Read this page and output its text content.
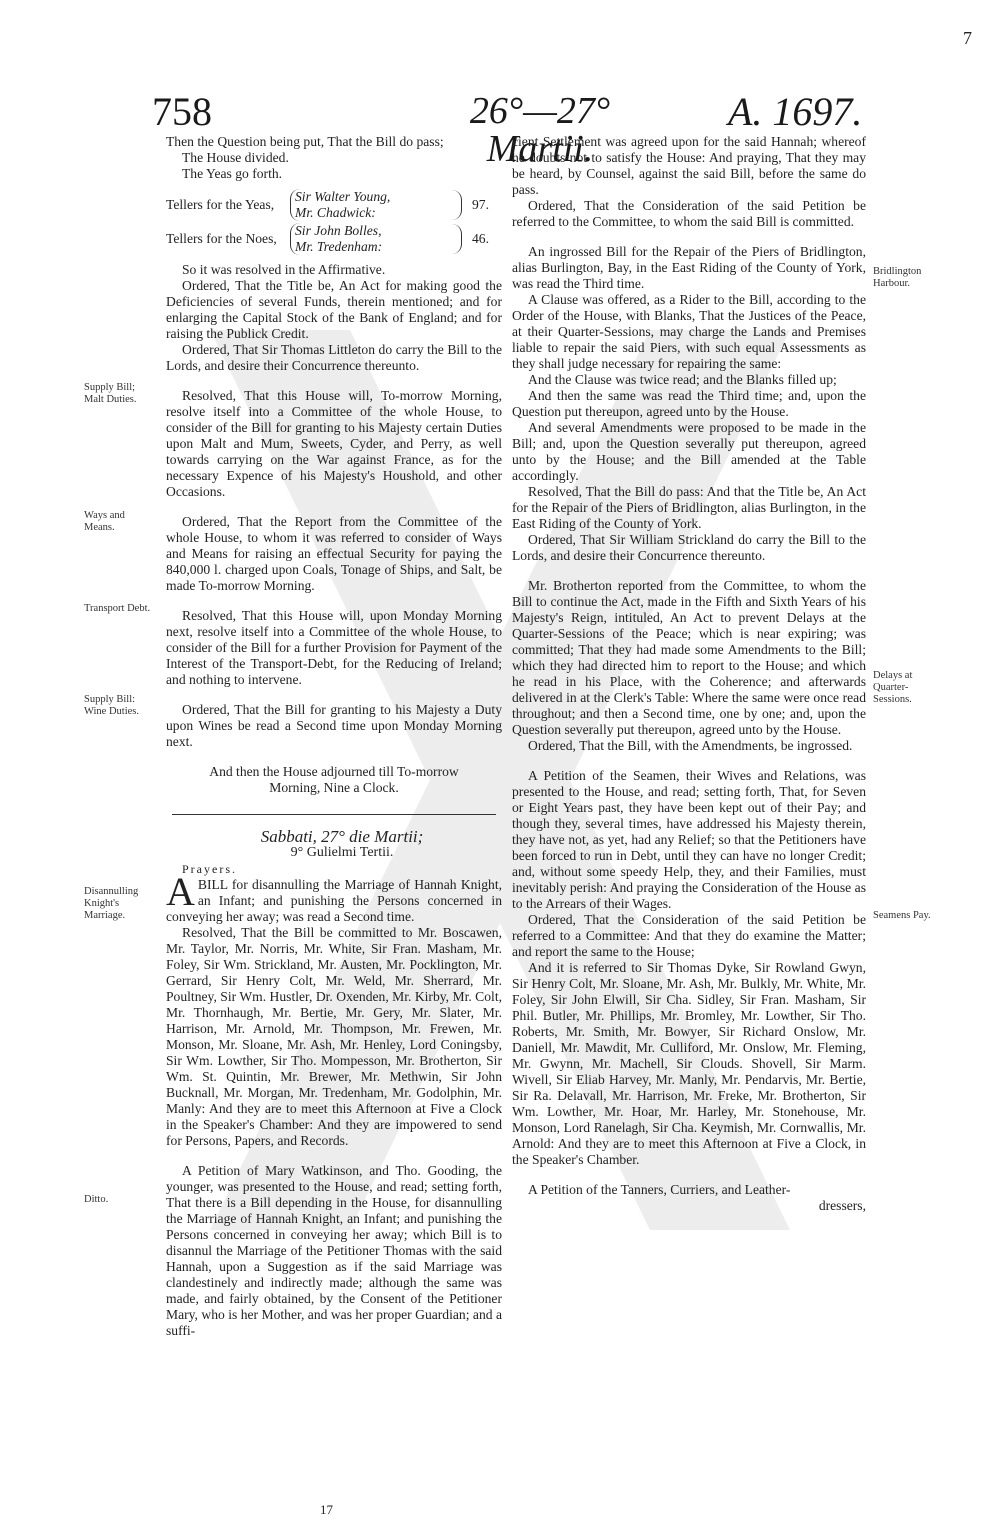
7
758	26°—27° Martii.
A. 1697.

Then the Question being put, That the Bill do pass;

The House divided.

The Yeas go forth.

Tellers for the Yeas,
Sir Walter Young,
Mr. Chadwick:
97.
Tellers for the Noes,
Sir John Bolles,
Mr. Tredenham:
46.

So it was resolved in the Affirmative.

Ordered, That the Title be, An Act for making good the Deficiencies of several Funds, therein mentioned; and for enlarging the Capital Stock of the Bank of England; and for raising the Publick Credit.

Ordered, That Sir Thomas Littleton do carry the Bill to the Lords, and desire their Concurrence thereunto.

Resolved, That this House will, To-morrow Morning, resolve itself into a Committee of the whole House, to consider of the Bill for granting to his Majesty certain Duties upon Malt and Mum, Sweets, Cyder, and Perry, as well towards carrying on the War against France, as for the necessary Expence of his Majesty's Houshold, and other Occasions.

Ordered, That the Report from the Committee of the whole House, to whom it was referred to consider of Ways and Means for raising an effectual Security for paying the 840,000 l. charged upon Coals, Tonage of Ships, and Salt, be made To-morrow Morning.

Resolved, That this House will, upon Monday Morning next, resolve itself into a Committee of the whole House, to consider of the Bill for a further Provision for Payment of the Interest of the Transport-Debt, for the Reducing of Ireland; and nothing to intervene.

Ordered, That the Bill for granting to his Majesty a Duty upon Wines be read a Second time upon Monday Morning next.

And then the House adjourned till To-morrow Morning, Nine a Clock.

Sabbati, 27° die Martii;

9° Gulielmi Tertii.

Prayers.

ABILL for disannulling the Marriage of Hannah Knight, an Infant; and punishing the Persons concerned in conveying her away; was read a Second time.

Resolved, That the Bill be committed to Mr. Boscawen, Mr. Taylor, Mr. Norris, Mr. White, Sir Fran. Masham, Mr. Foley, Sir Wm. Strickland, Mr. Austen, Mr. Pocklington, Mr. Gerrard, Sir Henry Colt, Mr. Weld, Mr. Sherrard, Mr. Poultney, Sir Wm. Hustler, Dr. Oxenden, Mr. Kirby, Mr. Colt, Mr. Thornhaugh, Mr. Bertie, Mr. Gery, Mr. Slater, Mr. Harrison, Mr. Arnold, Mr. Thompson, Mr. Frewen, Mr. Monson, Mr. Sloane, Mr. Ash, Mr. Henley, Lord Coningsby, Sir Wm. Lowther, Sir Tho. Mompesson, Mr. Brotherton, Sir Wm. St. Quintin, Mr. Brewer, Mr. Methwin, Sir John Bucknall, Mr. Morgan, Mr. Tredenham, Mr. Godolphin, Mr. Manly: And they are to meet this Afternoon at Five a Clock in the Speaker's Chamber: And they are impowered to send for Persons, Papers, and Records.

A Petition of Mary Watkinson, and Tho. Gooding, the younger, was presented to the House, and read; setting forth, That there is a Bill depending in the House, for disannulling the Marriage of Hannah Knight, an Infant; and punishing the Persons concerned in conveying her away; which Bill is to disannul the Marriage of the Petitioner Thomas with the said Hannah, upon a Suggestion as if the said Marriage was clandestinely and indirectly made; although the same was made, and fairly obtained, by the Consent of the Petitioner Mary, who is her Mother, and was her proper Guardian; and a suffi-

cient Settlement was agreed upon for the said Hannah; whereof he doubts not to satisfy the House: And praying, That they may be heard, by Counsel, against the said Bill, before the same do pass.

Ordered, That the Consideration of the said Petition be referred to the Committee, to whom the said Bill is committed.

An ingrossed Bill for the Repair of the Piers of Bridlington, alias Burlington, Bay, in the East Riding of the County of York, was read the Third time.

A Clause was offered, as a Rider to the Bill, according to the Order of the House, with Blanks, That the Justices of the Peace, at their Quarter-Sessions, may charge the Lands and Premises liable to repair the said Piers, with such equal Assessments as they shall judge necessary for repairing the same:

And the Clause was twice read; and the Blanks filled up;

And then the same was read the Third time; and, upon the Question put thereupon, agreed unto by the House.

And several Amendments were proposed to be made in the Bill; and, upon the Question severally put thereupon, agreed unto by the House; and the Bill amended at the Table accordingly.

Resolved, That the Bill do pass: And that the Title be, An Act for the Repair of the Piers of Bridlington, alias Burlington, in the East Riding of the County of York.

Ordered, That Sir William Strickland do carry the Bill to the Lords, and desire their Concurrence thereunto.

Mr. Brotherton reported from the Committee, to whom the Bill to continue the Act, made in the Fifth and Sixth Years of his Majesty's Reign, intituled, An Act to prevent Delays at the Quarter-Sessions of the Peace; which is near expiring; was committed; That they had made some Amendments to the Bill; which they had directed him to report to the House; and which he read in his Place, with the Coherence; and afterwards delivered in at the Clerk's Table: Where the same were once read throughout; and then a Second time, one by one; and, upon the Question severally put thereupon, agreed unto by the House.

Ordered, That the Bill, with the Amendments, be ingrossed.

A Petition of the Seamen, their Wives and Relations, was presented to the House, and read; setting forth, That, for Seven or Eight Years past, they have been kept out of their Pay; and though they, several times, have addressed his Majesty therein, they have not, as yet, had any Relief; so that the Petitioners have been forced to run in Debt, until they can have no longer Credit; and, without some speedy Help, they, and their Families, must inevitably perish: And praying the Consideration of the House as to the Arrears of their Wages.

Ordered, That the Consideration of the said Petition be referred to a Committee: And that they do examine the Matter; and report the same to the House;

And it is referred to Sir Thomas Dyke, Sir Rowland Gwyn, Sir Henry Colt, Mr. Sloane, Mr. Ash, Mr. Bulkly, Mr. White, Mr. Foley, Sir John Elwill, Sir Cha. Sidley, Sir Fran. Masham, Sir Phil. Butler, Mr. Phillips, Mr. Bromley, Mr. Lowther, Sir Tho. Roberts, Mr. Smith, Mr. Bowyer, Sir Richard Onslow, Mr. Daniell, Mr. Mawdit, Mr. Culliford, Mr. Onslow, Mr. Fleming, Mr. Gwynn, Mr. Machell, Sir Clouds. Shovell, Sir Marm. Wivell, Sir Eliab Harvey, Mr. Manly, Mr. Pendarvis, Mr. Bertie, Sir Ra. Delavall, Mr. Harrison, Mr. Freke, Mr. Brotherton, Sir Wm. Lowther, Mr. Hoar, Mr. Harley, Mr. Stonehouse, Mr. Monson, Lord Ranelagh, Sir Cha. Keymish, Mr. Cornwallis, Mr. Arnold: And they are to meet this Afternoon at Five a Clock, in the Speaker's Chamber.

A Petition of the Tanners, Curriers, and Leather-

dressers,

Supply Bill; Malt Duties.
Ways and Means.
Transport Debt.
Supply Bill: Wine Duties.
Disannulling Knight's Marriage.
Ditto.
Bridlington Harbour.
Delays at Quarter-Sessions.
Seamens Pay.
17
